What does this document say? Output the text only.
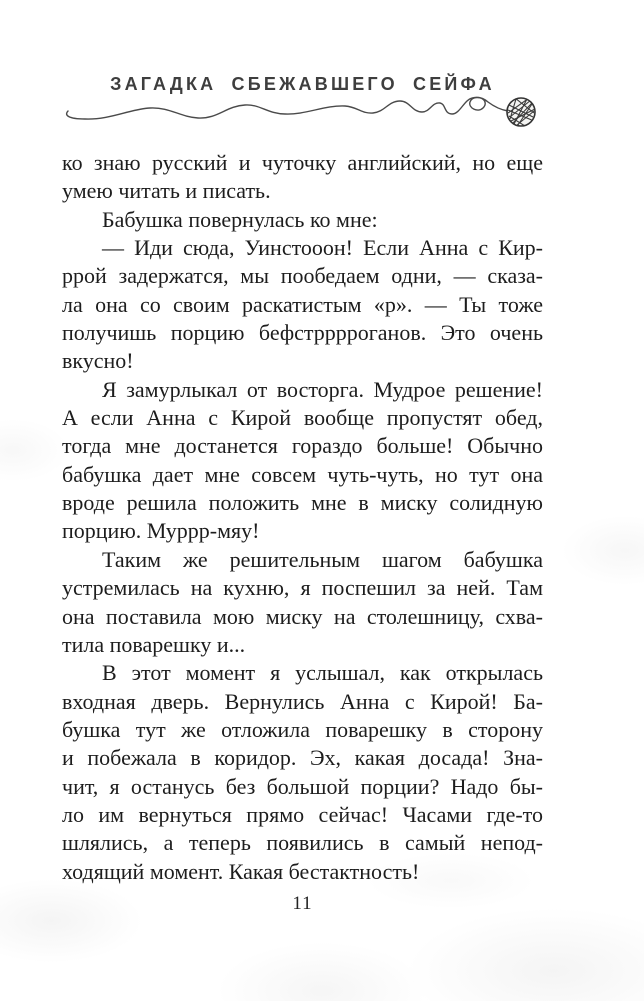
ЗАГАДКА СБЕЖАВШЕГО СЕЙФА
ко знаю русский и чуточку английский, но еще
умею читать и писать.
Бабушка повернулась ко мне:
— Иди сюда, Уинстооон! Если Анна с Кир-
ррой задержатся, мы пообедаем одни, — сказа-
ла она со своим раскатистым «р». — Ты тоже
получишь порцию бефстрррроганов. Это очень
вкусно!
Я замурлыкал от восторга. Мудрое решение!
А если Анна с Кирой вообще пропустят обед,
тогда мне достанется гораздо больше! Обычно
бабушка дает мне совсем чуть-чуть, но тут она
вроде решила положить мне в миску солидную
порцию. Муррр-мяу!
Таким же решительным шагом бабушка
устремилась на кухню, я поспешил за ней. Там
она поставила мою миску на столешницу, схва-
тила поварешку и...
В этот момент я услышал, как открылась
входная дверь. Вернулись Анна с Кирой! Ба-
бушка тут же отложила поварешку в сторону
и побежала в коридор. Эх, какая досада! Зна-
чит, я останусь без большой порции? Надо бы-
ло им вернуться прямо сейчас! Часами где-то
шлялись, а теперь появились в самый непод-
ходящий момент. Какая бестактность!
11
